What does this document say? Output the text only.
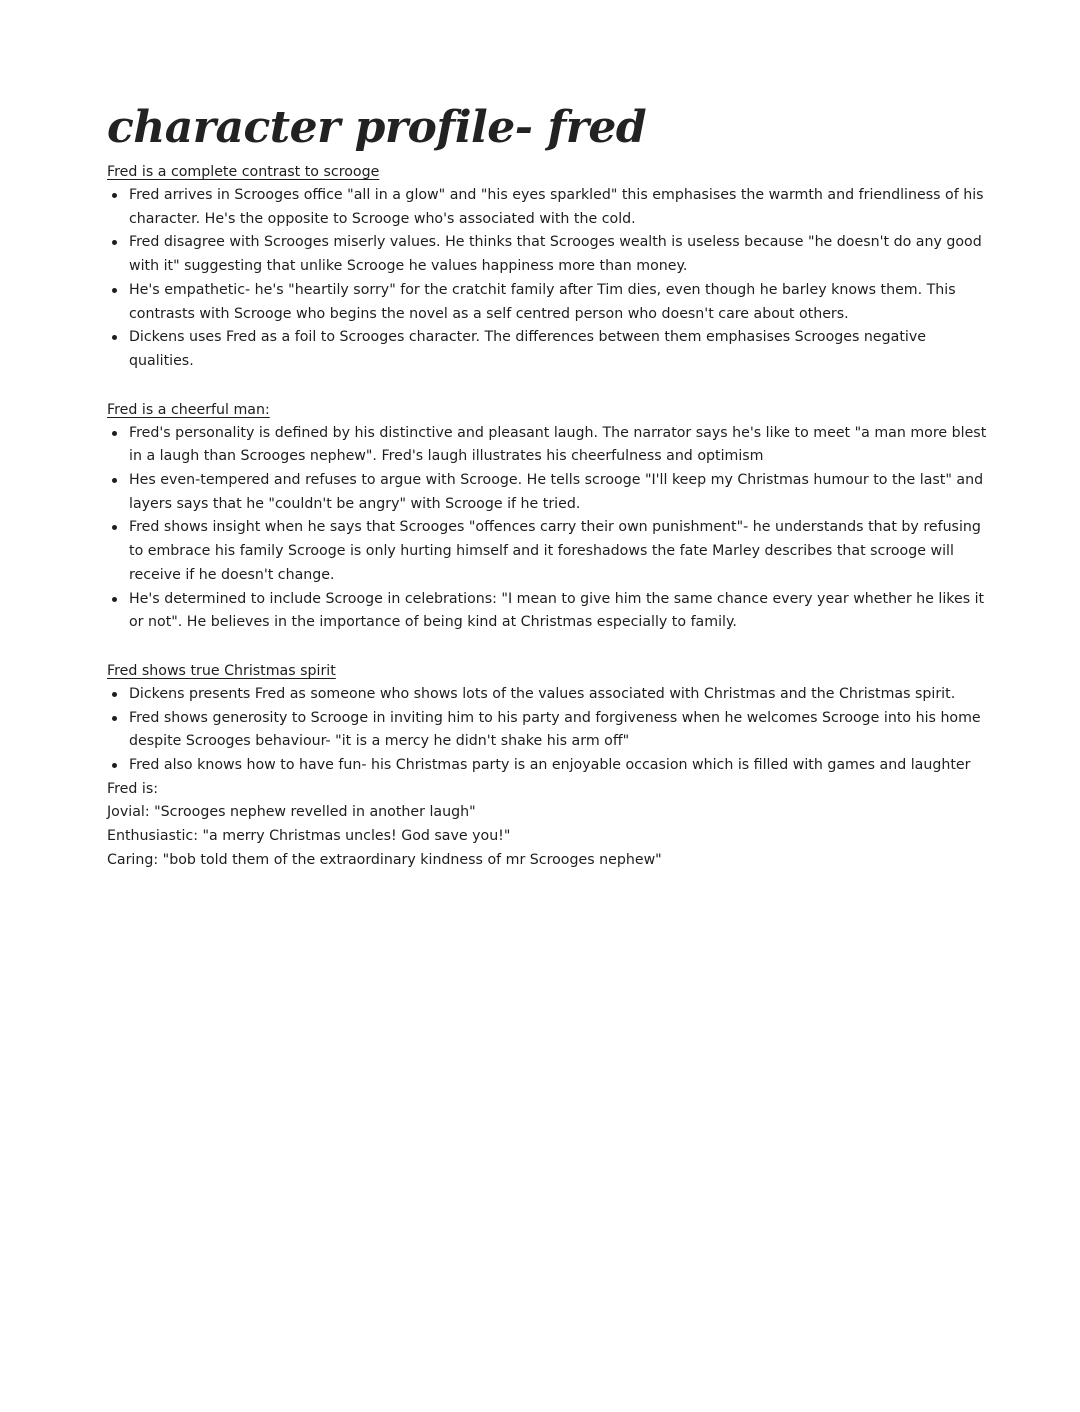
character profile- fred

Fred is a complete contrast to scrooge

Fred arrives in Scrooges office "all in a glow" and "his eyes sparkled" this emphasises the warmth and friendliness of his character. He's the opposite to Scrooge who's associated with the cold.
Fred disagree with Scrooges miserly values. He thinks that Scrooges wealth is useless because "he doesn't do any good with it" suggesting that unlike Scrooge he values happiness more than money.
He's empathetic- he's "heartily sorry" for the cratchit family after Tim dies, even though he barley knows them. This contrasts with Scrooge who begins the novel as a self centred person who doesn't care about others.
Dickens uses Fred as a foil to Scrooges character. The differences between them emphasises Scrooges negative qualities.

Fred is a cheerful man:

Fred's personality is defined by his distinctive and pleasant laugh. The narrator says he's like to meet "a man more blest in a laugh than Scrooges nephew". Fred's laugh illustrates his cheerfulness and optimism
Hes even-tempered and refuses to argue with Scrooge. He tells scrooge "I'll keep my Christmas humour to the last" and layers says that he "couldn't be angry" with Scrooge if he tried.
Fred shows insight when he says that Scrooges "offences carry their own punishment"- he understands that by refusing to embrace his family Scrooge is only hurting himself and it foreshadows the fate Marley describes that scrooge will receive if he doesn't change.
He's determined to include Scrooge in celebrations: "I mean to give him the same chance every year whether he likes it or not". He believes in the importance of being kind at Christmas especially to family.

Fred shows true Christmas spirit

Dickens presents Fred as someone who shows lots of the values associated with Christmas and the Christmas spirit.
Fred shows generosity to Scrooge in inviting him to his party and forgiveness when he welcomes Scrooge into his home despite Scrooges behaviour- "it is a mercy he didn't shake his arm off"
Fred also knows how to have fun- his Christmas party is an enjoyable occasion which is filled with games and laughter

Fred is:

Jovial: "Scrooges nephew revelled in another laugh"

Enthusiastic: "a merry Christmas uncles! God save you!"

Caring: "bob told them of the extraordinary kindness of mr Scrooges nephew"
